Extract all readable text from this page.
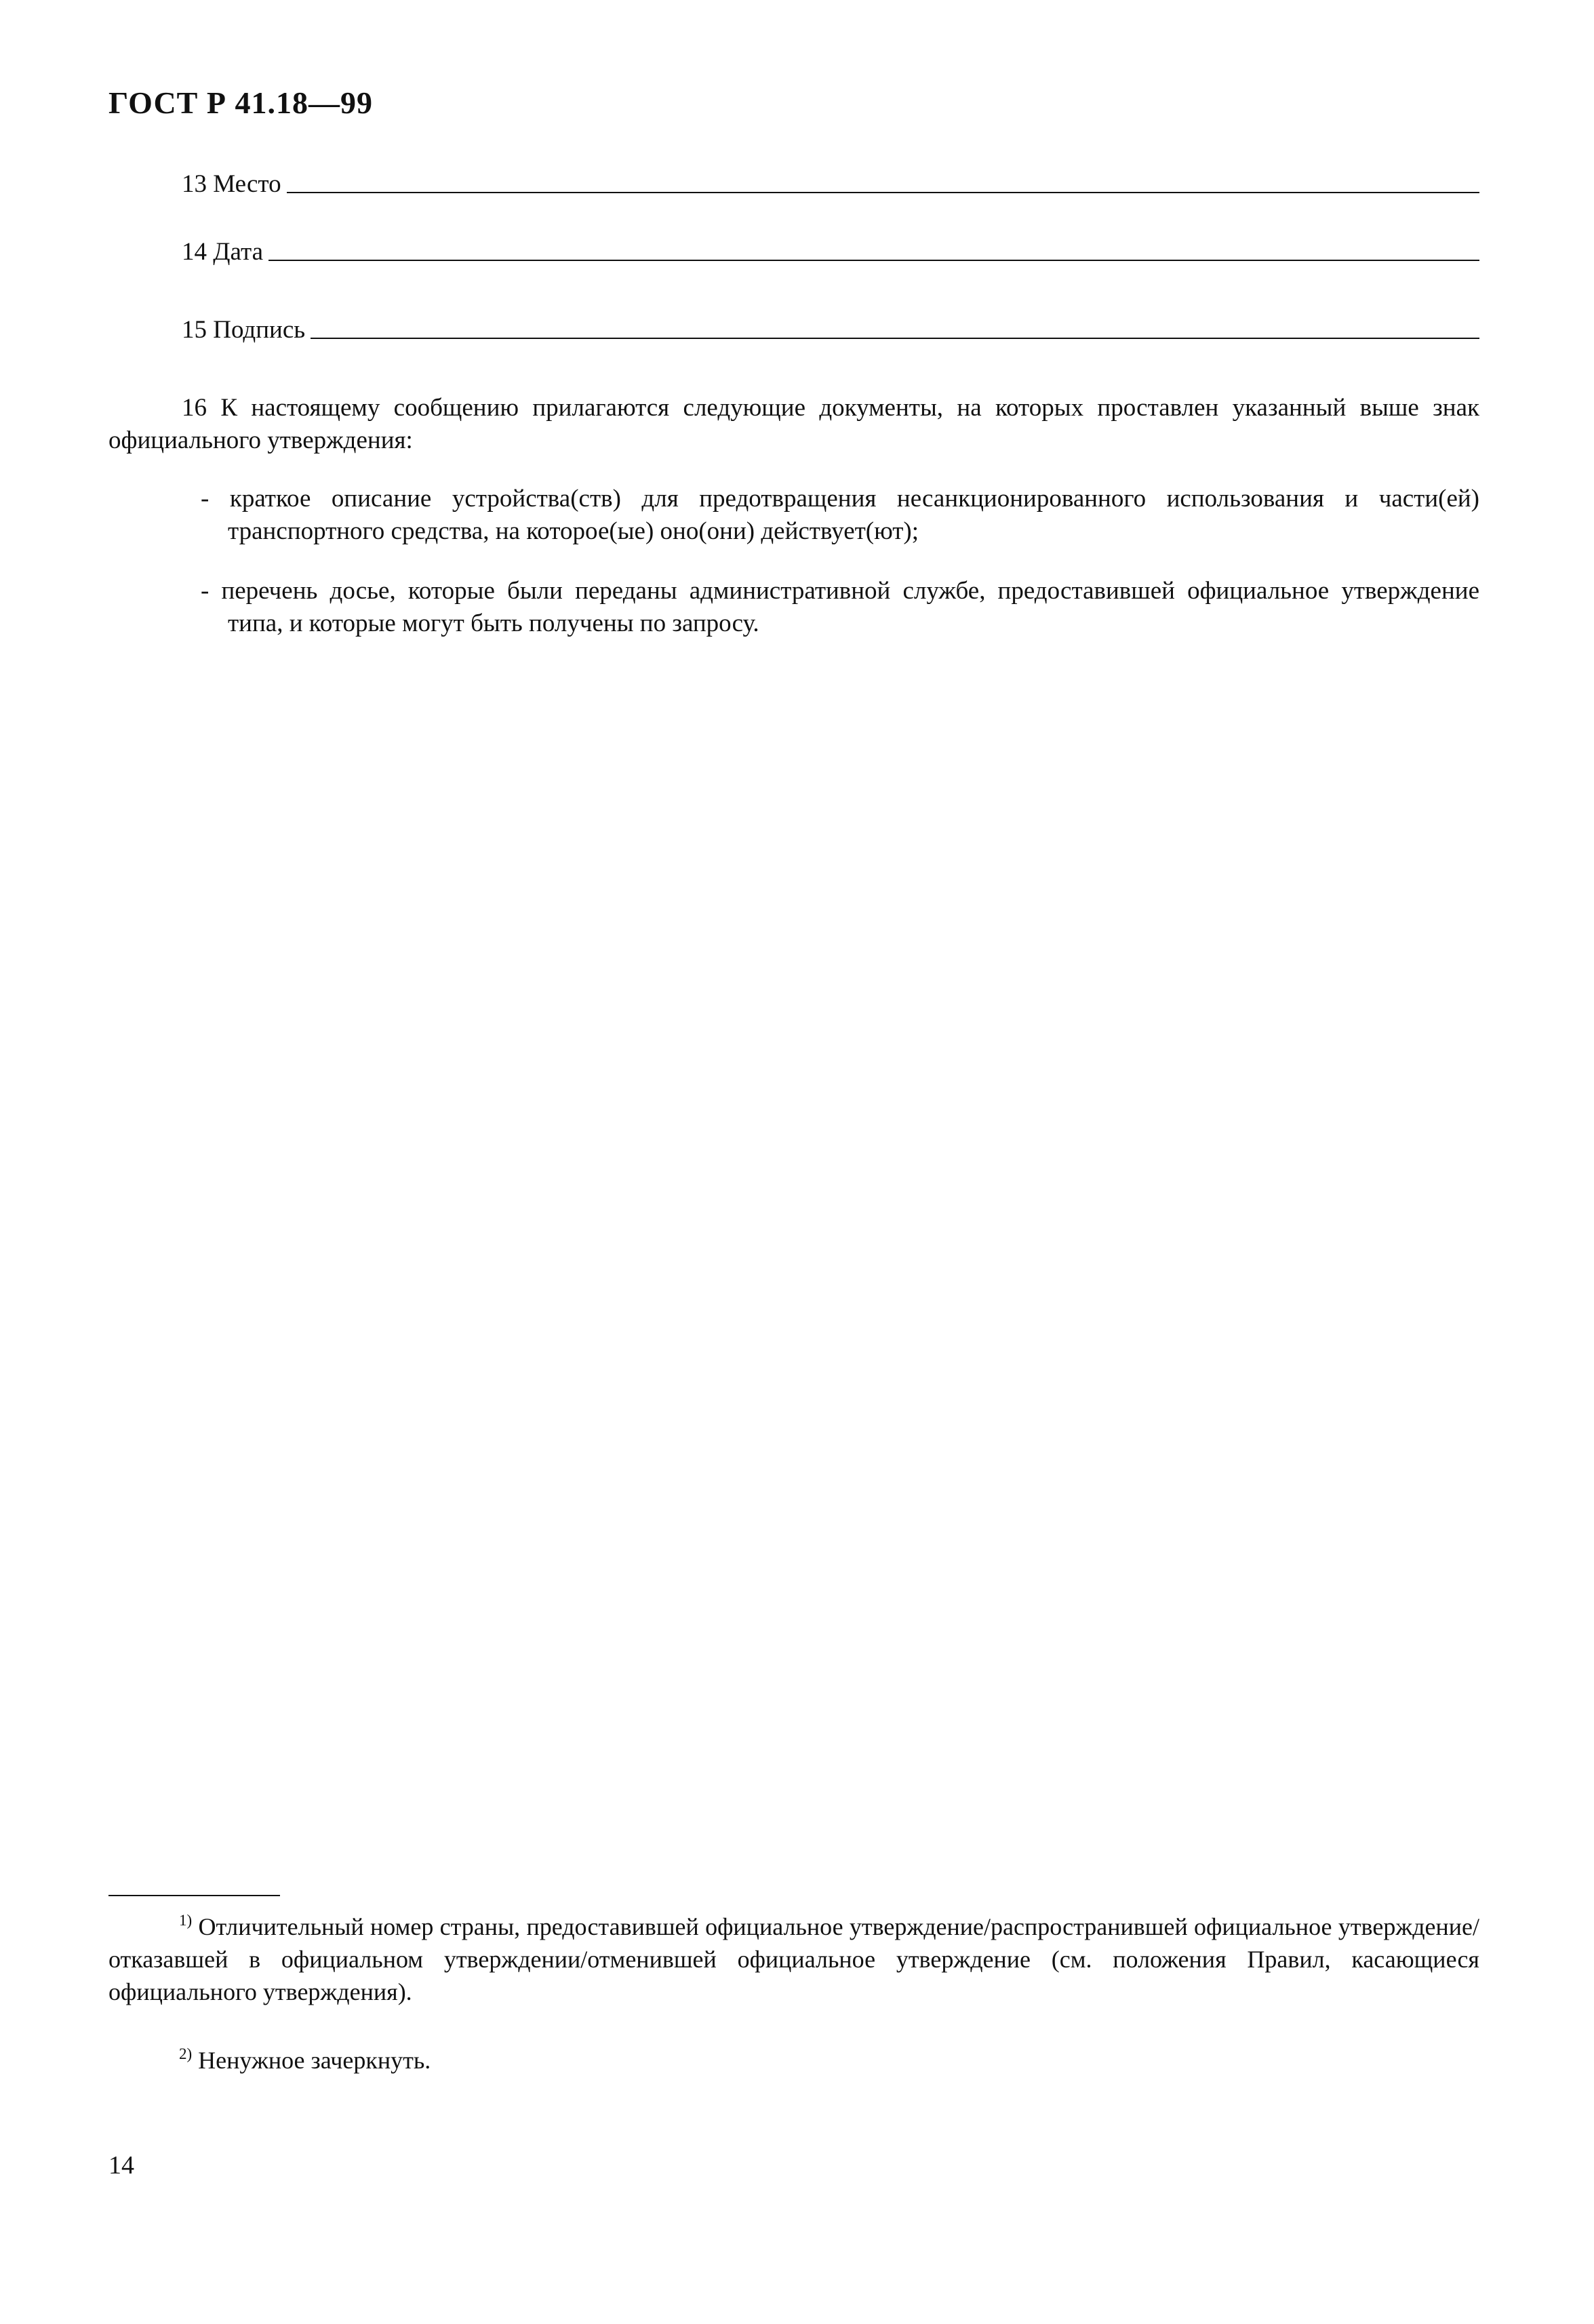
ГОСТ Р 41.18—99
13 Место
14 Дата
15 Подпись

16 К настоящему сообщению прилагаются следующие документы, на которых проставлен указанный выше знак официального утверждения:

- краткое описание устройства(ств) для предотвращения несанкционированного использования и части(ей) транспортного средства, на которое(ые) оно(они) действует(ют);
- перечень досье, которые были переданы административной службе, предоставившей официальное утверждение типа, и которые могут быть получены по запросу.

$^{1)}$ Отличительный номер страны, предоставившей официальное утверждение/распространившей официальное утверждение/отказавшей в официальном утверждении/отменившей официальное утверждение (см. положения Правил, касающиеся официального утверждения).

$^{2)}$ Ненужное зачеркнуть.

14
